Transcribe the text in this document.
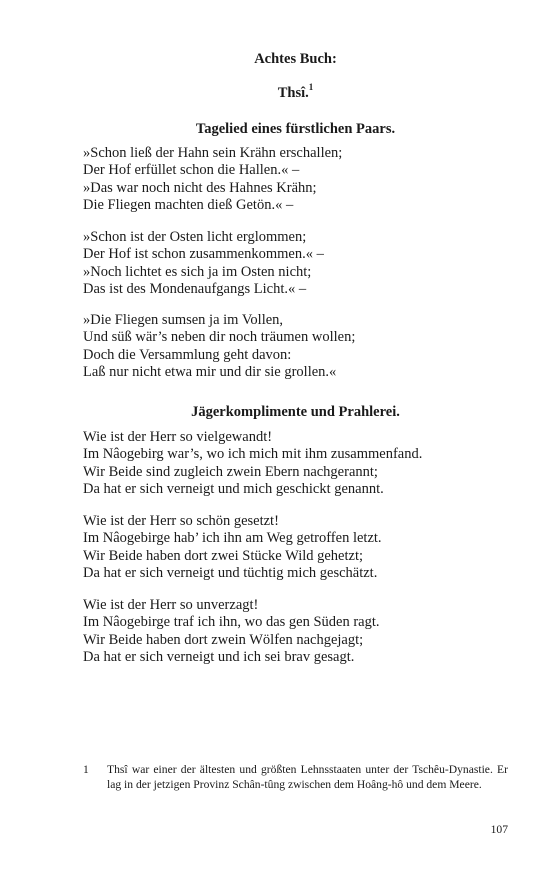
Achtes Buch:
Thsî.$^1$
Tagelied eines fürstlichen Paars.
»Schon ließ der Hahn sein Krähn erschallen;
Der Hof erfüllet schon die Hallen.« –
»Das war noch nicht des Hahnes Krähn;
Die Fliegen machten dieß Getön.« –
»Schon ist der Osten licht erglommen;
Der Hof ist schon zusammenkommen.« –
»Noch lichtet es sich ja im Osten nicht;
Das ist des Mondenaufgangs Licht.« –
»Die Fliegen sumsen ja im Vollen,
Und süß wär’s neben dir noch träumen wollen;
Doch die Versammlung geht davon:
Laß nur nicht etwa mir und dir sie grollen.«
Jägerkomplimente und Prahlerei.
Wie ist der Herr so vielgewandt!
Im Nâogebirg war’s, wo ich mich mit ihm zusammenfand.
Wir Beide sind zugleich zwein Ebern nachgerannt;
Da hat er sich verneigt und mich geschickt genannt.
Wie ist der Herr so schön gesetzt!
Im Nâogebirge hab’ ich ihn am Weg getroffen letzt.
Wir Beide haben dort zwei Stücke Wild gehetzt;
Da hat er sich verneigt und tüchtig mich geschätzt.
Wie ist der Herr so unverzagt!
Im Nâogebirge traf ich ihn, wo das gen Süden ragt.
Wir Beide haben dort zwein Wölfen nachgejagt;
Da hat er sich verneigt und ich sei brav gesagt.
1 Thsî war einer der ältesten und größten Lehnsstaaten unter der Tschêu-Dynastie. Er lag in der jetzigen Provinz Schân-tûng zwischen dem Hoâng-hô und dem Meere.
107
